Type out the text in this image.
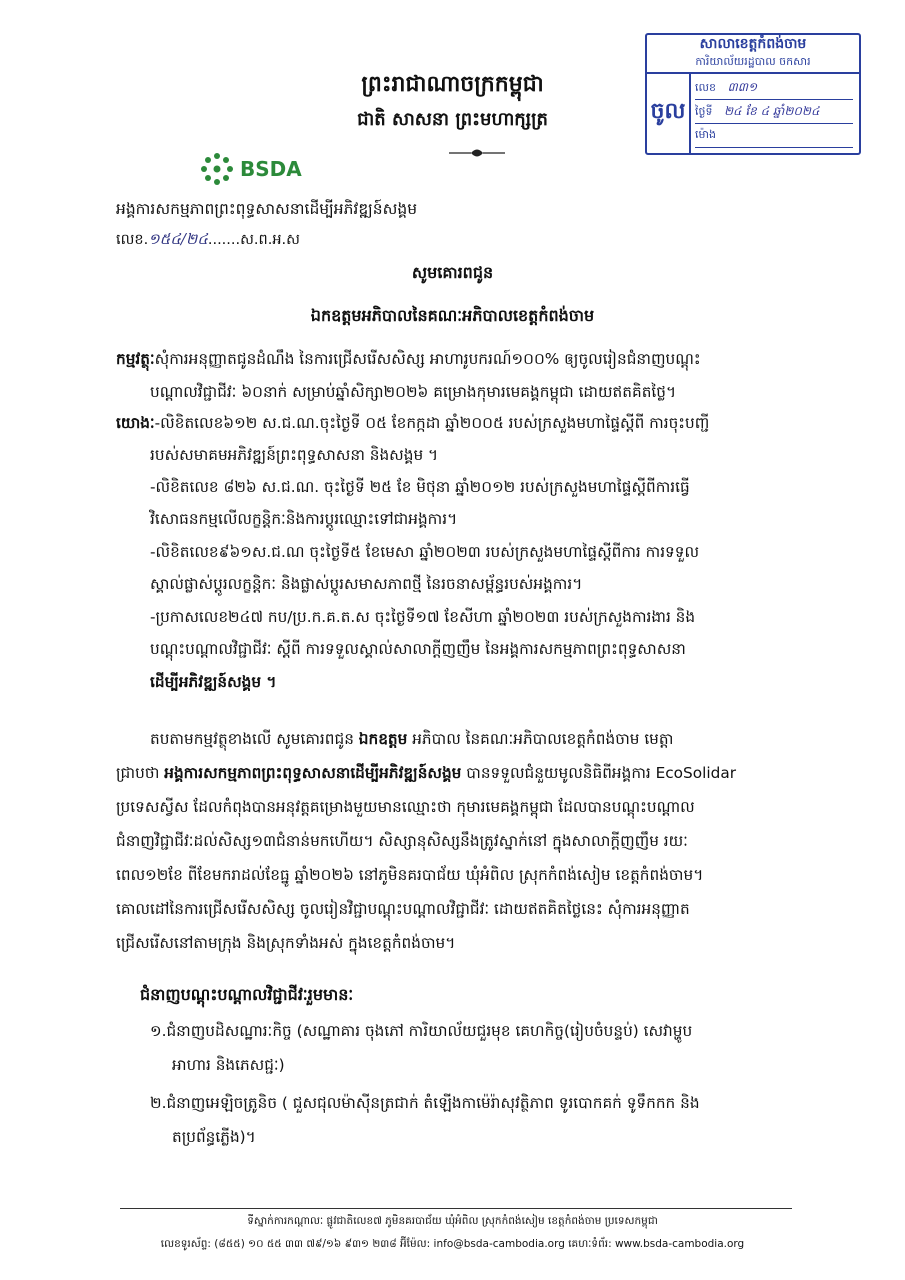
សាលាខេត្តកំពង់ចាម
ការិយាល័យរដ្ឋបាល ចកសារ
ចូល
លេខ ៣៣១
ថ្ងៃទី ២៤ ខែ ៤ ឆ្នាំ២០២៤
ម៉ោង
ព្រះរាជាណាចក្រកម្ពុជា
ជាតិ សាសនា ព្រះមហាក្សត្រ
BSDA
អង្គការសកម្មភាពព្រះពុទ្ធសាសនាដើម្បីអភិវឌ្ឍន៍សង្គម
លេខ.១៥៤/២៤.......ស.ព.អ.ស
សូមគោរពជូន
ឯកឧត្តមអភិបាលនៃគណៈអភិបាលខេត្តកំពង់ចាម
កម្មវត្ថុៈសុំការអនុញ្ញាតជូនដំណឹង នៃការជ្រើសរើសសិស្ស អាហារូបករណ៍១០០% ឲ្យចូលរៀនជំនាញបណ្តុះ
បណ្តាលវិជ្ជាជីវៈ ៦០នាក់ សម្រាប់ឆ្នាំសិក្សា២០២៦ គម្រោងកុមារមេគង្គកម្ពុជា ដោយឥតគិតថ្លៃ។
យោងៈ-លិខិតលេខ៦១២ ស.ជ.ណ.ចុះថ្ងៃទី ០៥ ខែកក្កដា ឆ្នាំ២០០៥ របស់ក្រសួងមហាផ្ទៃស្តីពី ការចុះបញ្ជី
របស់សមាគមអភិវឌ្ឍន៍ព្រះពុទ្ធសាសនា និងសង្គម ។
-លិខិតលេខ ៨២៦ ស.ជ.ណ. ចុះថ្ងៃទី ២៥ ខែ មិថុនា ឆ្នាំ២០១២ របស់ក្រសួងមហាផ្ទៃស្តីពីការធ្វើ
វិសោធនកម្មលើលក្ខន្តិកៈនិងការប្តូរឈ្មោះទៅជាអង្គការ។
-លិខិតលេខ៩៦១ស.ជ.ណ ចុះថ្ងៃទី៥ ខែមេសា ឆ្នាំ២០២៣ របស់ក្រសួងមហាផ្ទៃស្តីពីការ ការទទួល
ស្គាល់ផ្លាស់ប្តូរលក្ខន្តិកៈ និងផ្លាស់ប្តូរសមាសភាពថ្មី នៃរចនាសម្ព័ន្ធរបស់អង្គការ។
-ប្រកាសលេខ២៤៧ កប/ប្រ.ក.គ.ត.ស ចុះថ្ងៃទី១៧ ខែសីហា ឆ្នាំ២០២៣ របស់ក្រសួងការងារ និង
បណ្តុះបណ្តាលវិជ្ជាជីវៈ ស្តីពី ការទទួលស្គាល់សាលាក្តីញញឹម នៃអង្គការសកម្មភាពព្រះពុទ្ធសាសនា
ដើម្បីអភិវឌ្ឍន៍សង្គម ។
តបតាមកម្មវត្ថុខាងលើ សូមគោរពជូន ឯកឧត្តម អភិបាល នៃគណៈអភិបាលខេត្តកំពង់ចាម មេត្តា
ជ្រាបថា អង្គការសកម្មភាពព្រះពុទ្ធសាសនាដើម្បីអភិវឌ្ឍន៍សង្គម បានទទួលជំនួយមូលនិធិពីអង្គការ EcoSolidar
ប្រទេសស្វីស ដែលកំពុងបានអនុវត្តគម្រោងមួយមានឈ្មោះថា កុមារមេគង្គកម្ពុជា ដែលបានបណ្តុះបណ្តាល
ជំនាញវិជ្ជាជីវៈដល់សិស្ស១៣ជំនាន់មកហើយ។ សិស្សានុសិស្សនឹងត្រូវស្នាក់នៅ ក្នុងសាលាក្តីញញឹម រយៈ
ពេល១២ខែ ពីខែមករាដល់ខែធ្នូ ឆ្នាំ២០២៦ នៅភូមិនគរបាជ័យ ឃុំអំពិល ស្រុកកំពង់សៀម ខេត្តកំពង់ចាម។
គោលដៅនៃការជ្រើសរើសសិស្ស ចូលរៀនវិជ្ជាបណ្តុះបណ្តាលវិជ្ជាជីវៈ ដោយឥតគិតថ្លៃនេះ សុំការអនុញ្ញាត
ជ្រើសរើសនៅតាមក្រុង និងស្រុកទាំងអស់ ក្នុងខេត្តកំពង់ចាម។
ជំនាញបណ្តុះបណ្តាលវិជ្ជាជីវៈរួមមានៈ
១.ជំនាញបដិសណ្ឋារៈកិច្ច (សណ្ឋាគារ ចុងភៅ ការិយាល័យជួរមុខ គេហកិច្ច(រៀបចំបន្ទប់) សេវាម្ហូប
អាហារ និងភេសជ្ជៈ)
២.ជំនាញអេឡិចត្រូនិច ( ជួសជុលម៉ាស៊ីនត្រជាក់ តំឡើងកាម៉េរ៉ាសុវត្ថិភាព ទូរបោកគក់ ទូទឹកកក និង
តប្រព័ន្ធភ្លើង)។
ទីស្នាក់ការកណ្តាលៈ ផ្លូវជាតិលេខ៧ ភូមិនគរបាជ័យ ឃុំអំពិល ស្រុកកំពង់សៀម ខេត្តកំពង់ចាម ប្រទេសកម្ពុជា
លេខទូរស័ព្ទ: (៨៥៥) ១០ ៥៥ ៣៣ ៧៩/១៦ ៩៣១ ២៣៨ អ៊ីម៉ែល: info@bsda-cambodia.org គេហៈទំព័រ: www.bsda-cambodia.org
